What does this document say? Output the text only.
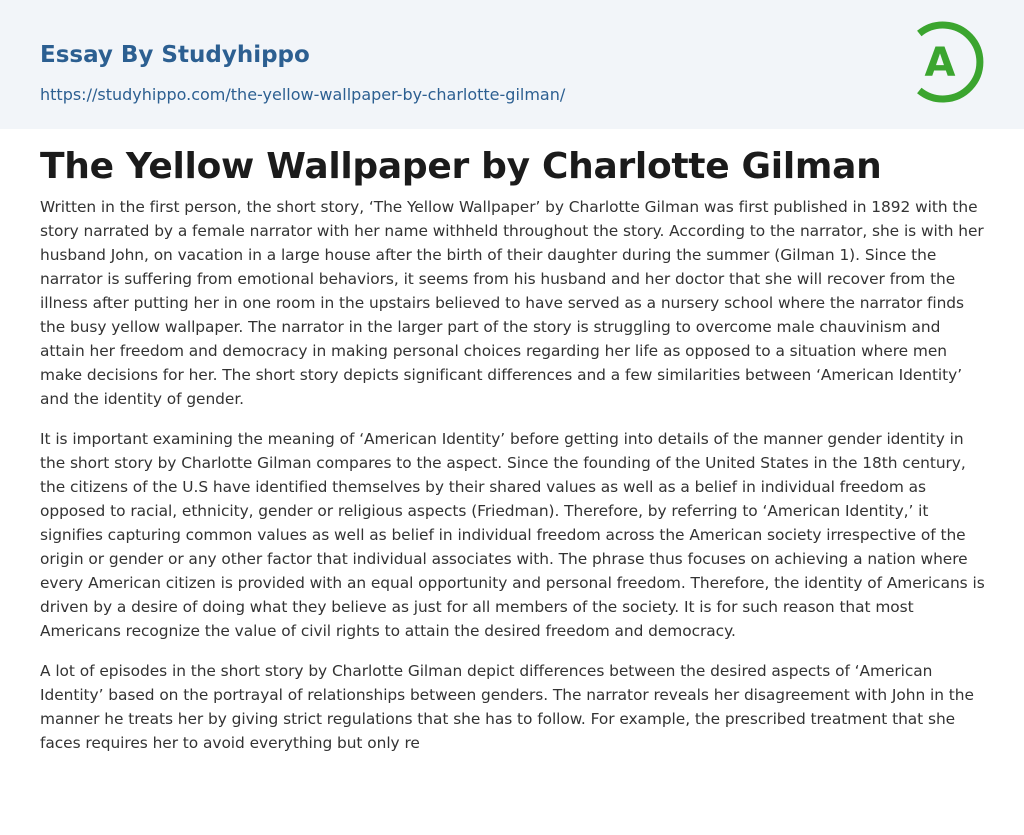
Essay By Studyhippo
https://studyhippo.com/the-yellow-wallpaper-by-charlotte-gilman/
A
The Yellow Wallpaper by Charlotte Gilman

Written in the first person, the short story, ‘The Yellow Wallpaper’ by Charlotte Gilman was first published in 1892 with the story narrated by a female narrator with her name withheld throughout the story. According to the narrator, she is with her husband John, on vacation in a large house after the birth of their daughter during the summer (Gilman 1). Since the narrator is suffering from emotional behaviors, it seems from his husband and her doctor that she will recover from the illness after putting her in one room in the upstairs believed to have served as a nursery school where the narrator finds the busy yellow wallpaper. The narrator in the larger part of the story is struggling to overcome male chauvinism and attain her freedom and democracy in making personal choices regarding her life as opposed to a situation where men make decisions for her. The short story depicts significant differences and a few similarities between ‘American Identity’ and the identity of gender.

It is important examining the meaning of ‘American Identity’ before getting into details of the manner gender identity in the short story by Charlotte Gilman compares to the aspect. Since the founding of the United States in the 18th century, the citizens of the U.S have identified themselves by their shared values as well as a belief in individual freedom as opposed to racial, ethnicity, gender or religious aspects (Friedman). Therefore, by referring to ‘American Identity,’ it signifies capturing common values as well as belief in individual freedom across the American society irrespective of the origin or gender or any other factor that individual associates with. The phrase thus focuses on achieving a nation where every American citizen is provided with an equal opportunity and personal freedom. Therefore, the identity of Americans is driven by a desire of doing what they believe as just for all members of the society. It is for such reason that most Americans recognize the value of civil rights to attain the desired freedom and democracy.

A lot of episodes in the short story by Charlotte Gilman depict differences between the desired aspects of ‘American Identity’ based on the portrayal of relationships between genders. The narrator reveals her disagreement with John in the manner he treats her by giving strict regulations that she has to follow. For example, the prescribed treatment that she faces requires her to avoid everything but only re
